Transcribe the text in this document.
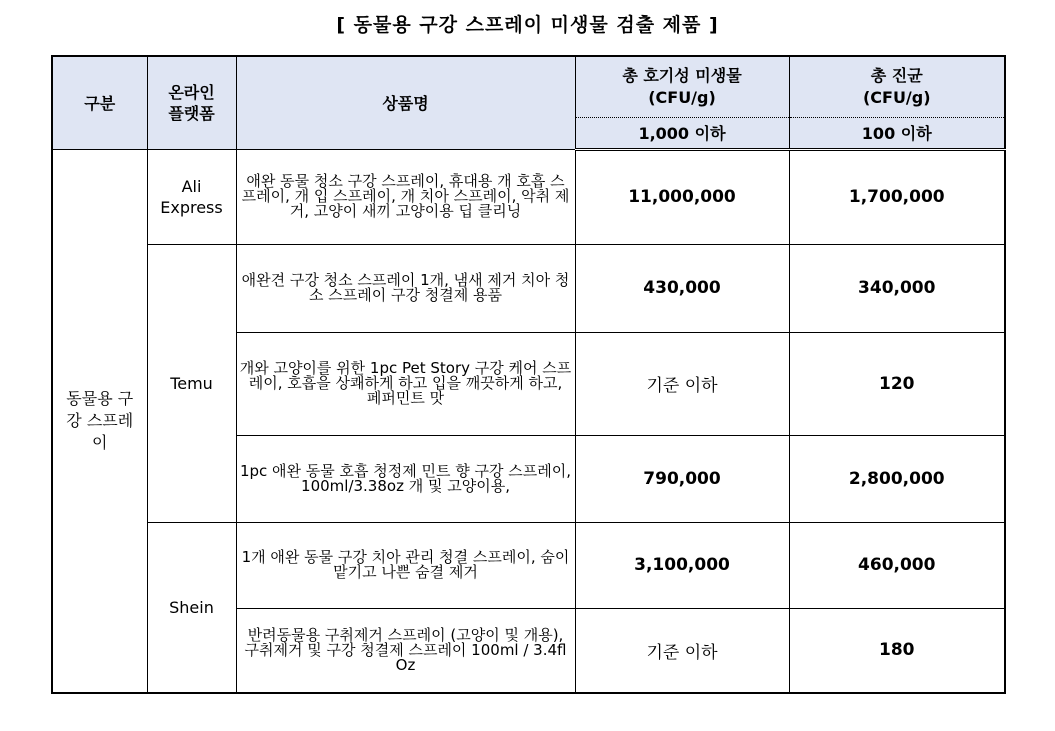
[ 동물용 구강 스프레이 미생물 검출 제품 ]
구분	온라인 플랫폼	상품명	총 호기성 미생물 (CFU/g)	총 진균 (CFU/g)
			1,000 이하	100 이하
동물용 구강 스프레이	Ali Express	애완 동물 청소 구강 스프레이, 휴대용 개 호흡 스프레이, 개 입 스프레이, 개 치아 스프레이, 악취 제거, 고양이 새끼 고양이용 딥 클리닝	11,000,000	1,700,000
	Temu	애완견 구강 청소 스프레이 1개, 냄새 제거 치아 청소 스프레이 구강 청결제 용품	430,000	340,000
		개와 고양이를 위한 1pc Pet Story 구강 케어 스프레이, 호흡을 상쾌하게 하고 입을 깨끗하게 하고, 페퍼민트 맛	기준 이하	120
		1pc 애완 동물 호흡 청정제 민트 향 구강 스프레이, 100ml/3.38oz 개 및 고양이용,	790,000	2,800,000
	Shein	1개 애완 동물 구강 치아 관리 청결 스프레이, 숨이 맡기고 나쁜 숨결 제거	3,100,000	460,000
		반려동물용 구취제거 스프레이 (고양이 및 개용), 구취제거 및 구강 청결제 스프레이 100ml / 3.4fl Oz	기준 이하	180
